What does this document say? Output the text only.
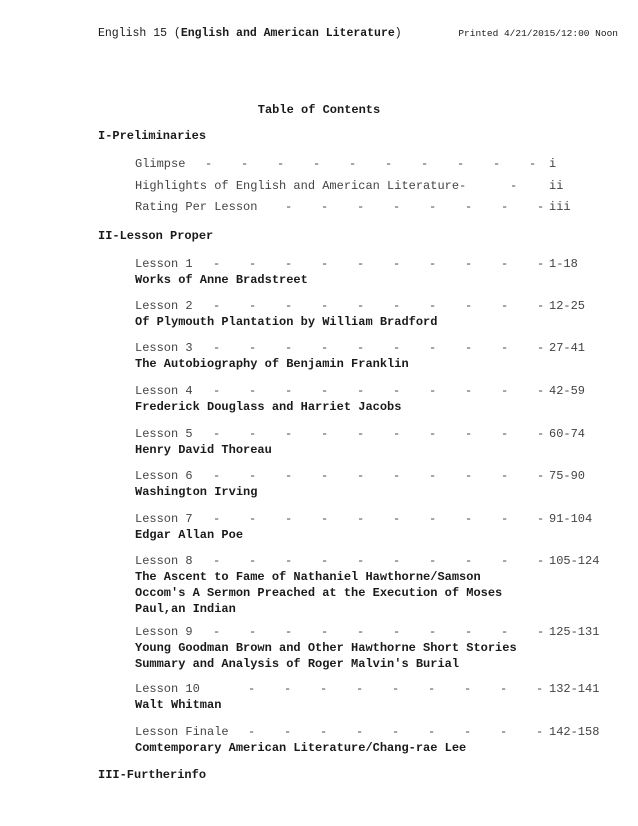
English 15 (English and American Literature)	Printed 4/21/2015/12:00 Noon
Table of Contents
I-Preliminaries
Glimpse -    -    -    -    -    -    -    -    -    - i
Highlights of English and American Literature-	-	ii
Rating Per Lesson -    -    -    -    -    -    -    - iii
II-Lesson Proper
Lesson 1 -    -    -    -    -    -    -    -    -    - 1-18
Works of Anne Bradstreet
Lesson 2 -    -    -    -    -    -    -    -    -    - 12-25
Of Plymouth Plantation by William Bradford
Lesson 3 -    -    -    -    -    -    -    -    -    - 27-41
The Autobiography of Benjamin Franklin
Lesson 4 -    -    -    -    -    -    -    -    -    - 42-59
Frederick Douglass and Harriet Jacobs
Lesson 5 -    -    -    -    -    -    -    -    -    - 60-74
Henry David Thoreau
Lesson 6 -    -    -    -    -    -    -    -    -    - 75-90
Washington Irving
Lesson 7 -    -    -    -    -    -    -    -    -    - 91-104
Edgar Allan Poe
Lesson 8 -    -    -    -    -    -    -    -    -    - 105-124
The Ascent to Fame of Nathaniel Hawthorne/Samson Occom's A Sermon Preached at the Execution of Moses Paul,an Indian
Lesson 9 -    -    -    -    -    -    -    -    -    - 125-131
Young Goodman Brown and Other Hawthorne Short Stories Summary and Analysis of Roger Malvin's Burial
Lesson 10	-    -    -    -    -    -    -    -    - 132-141
Walt Whitman
Lesson Finale -    -    -    -    -    -    -    -    - 142-158
Comtemporary American Literature/Chang-rae Lee
III-Furtherinfo
